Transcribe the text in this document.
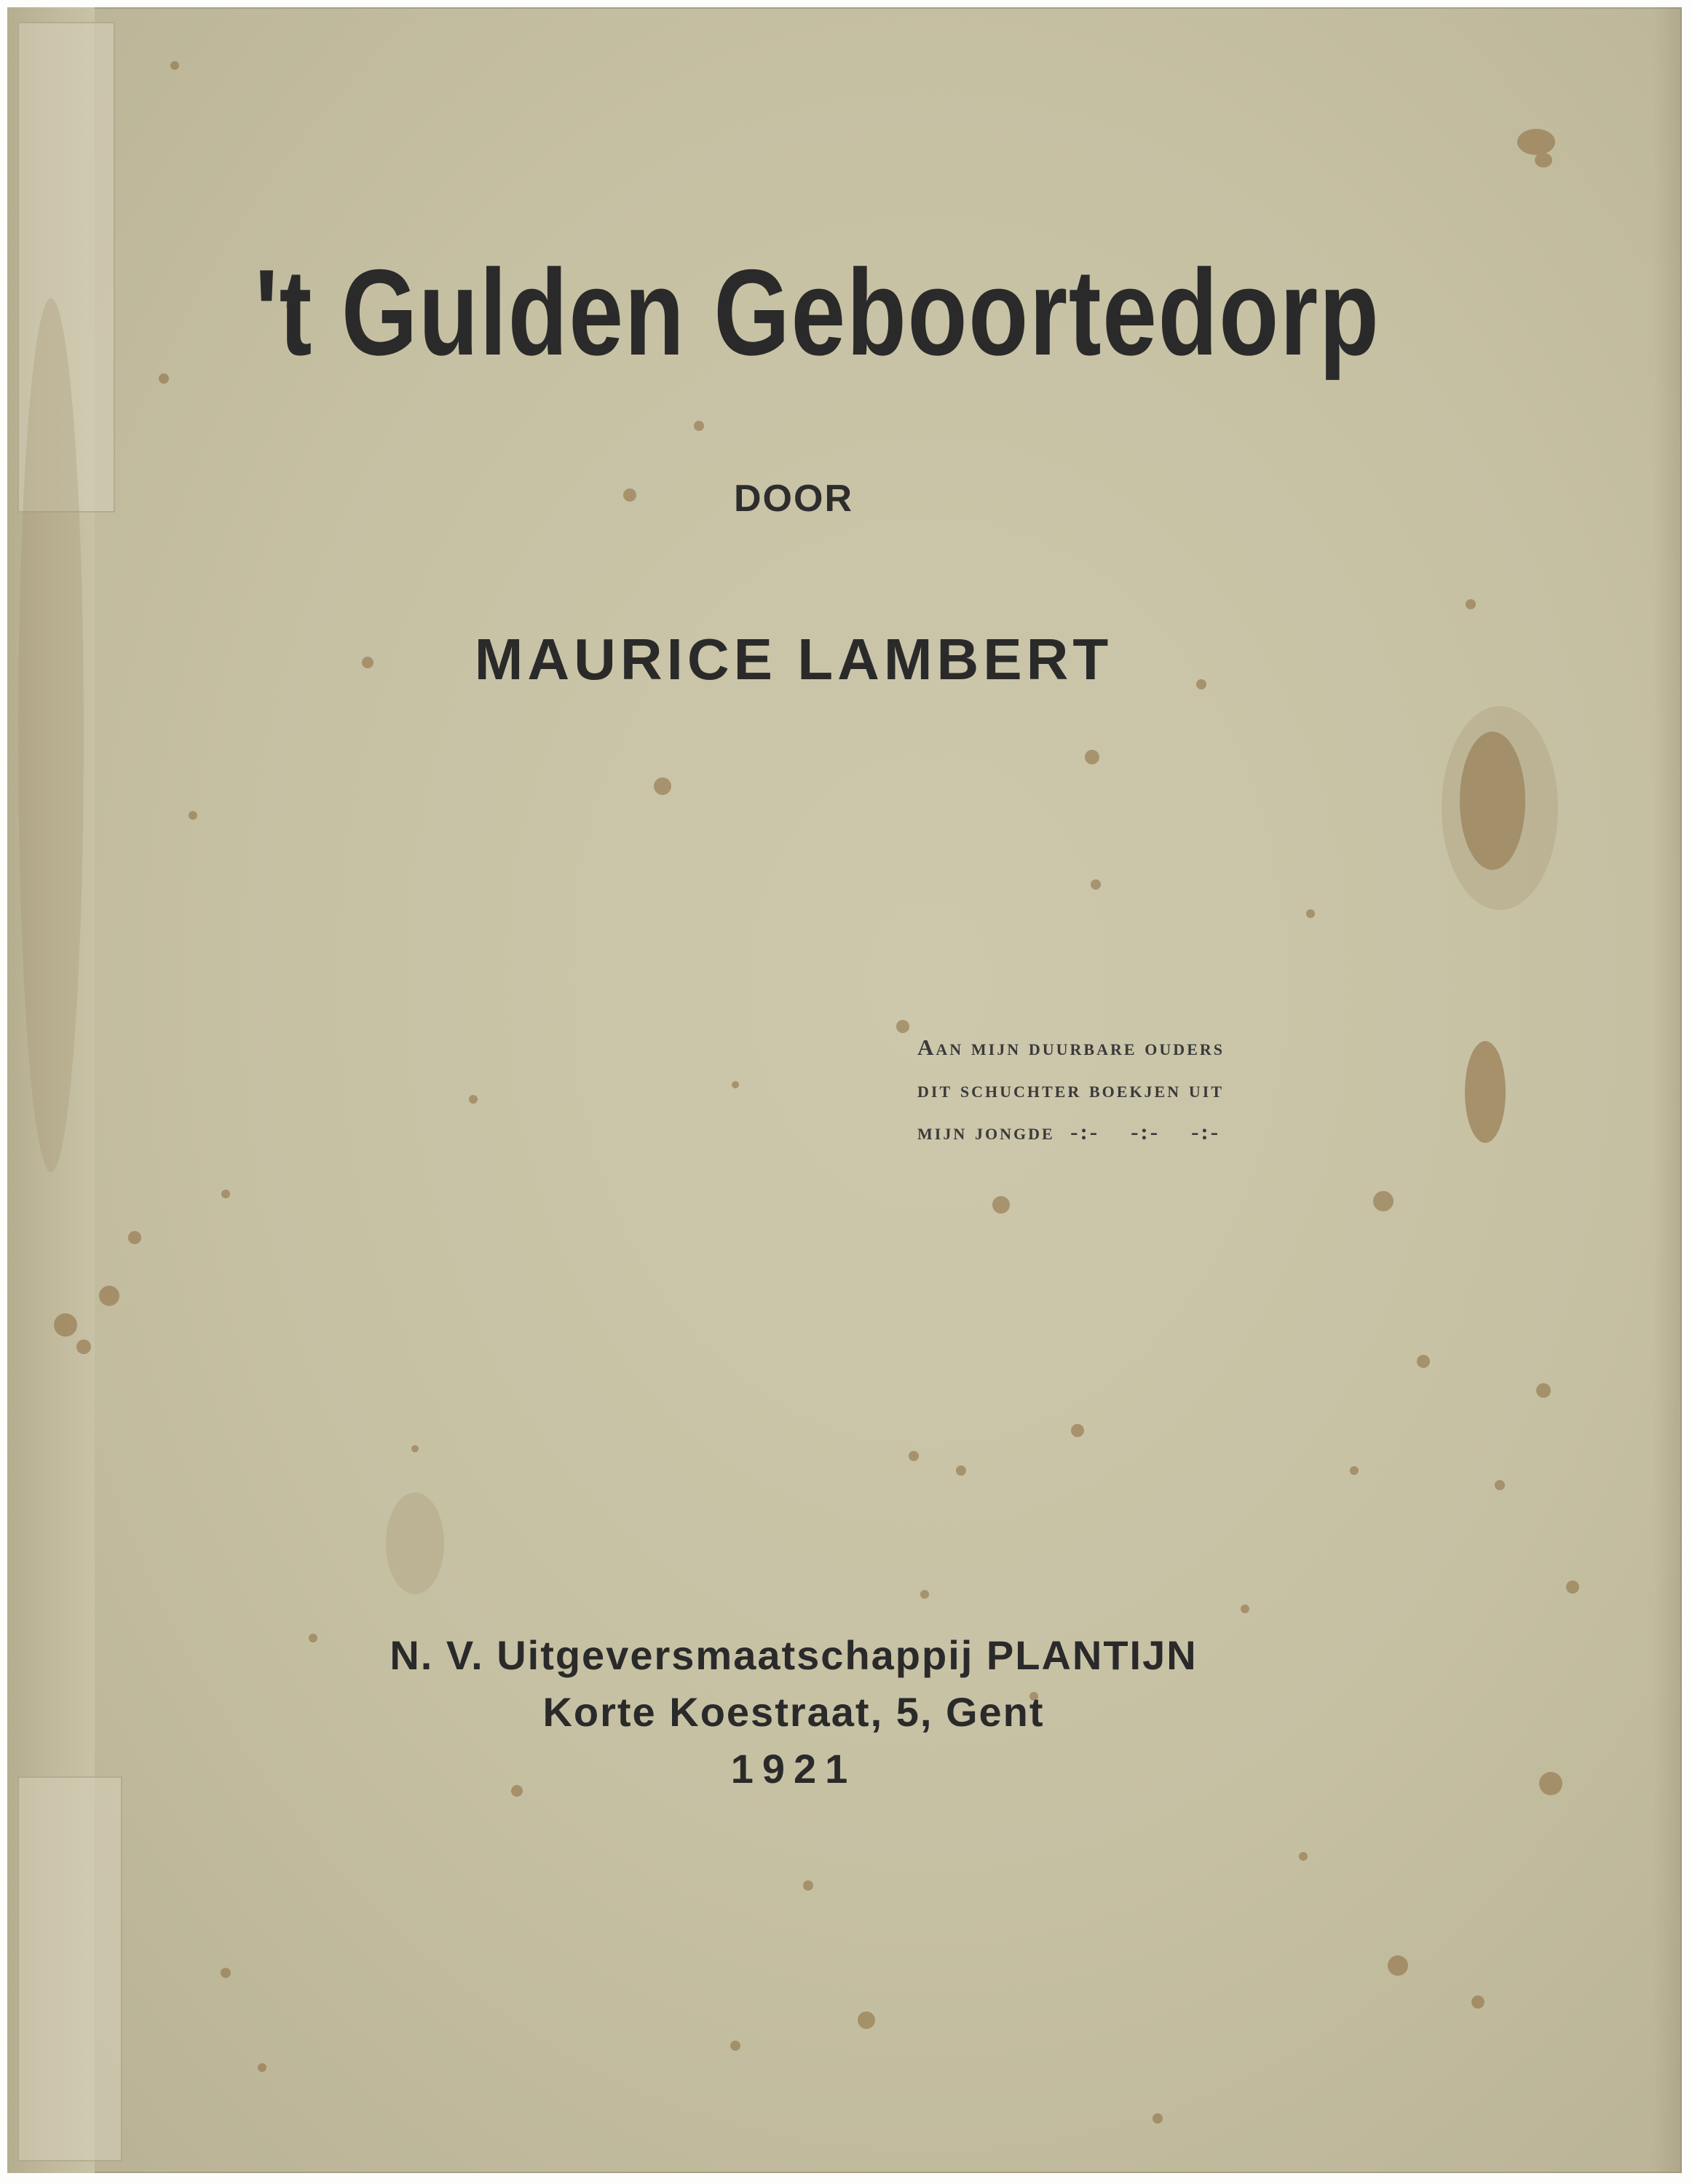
't Gulden Geboortedorp
DOOR
MAURICE LAMBERT
Aan mijn duurbare ouders
dit schuchter boekjen uit
mijn jongde  -:-    -:-    -:-
N. V. Uitgeversmaatschappij PLANTIJN
Korte Koestraat, 5, Gent
1921
